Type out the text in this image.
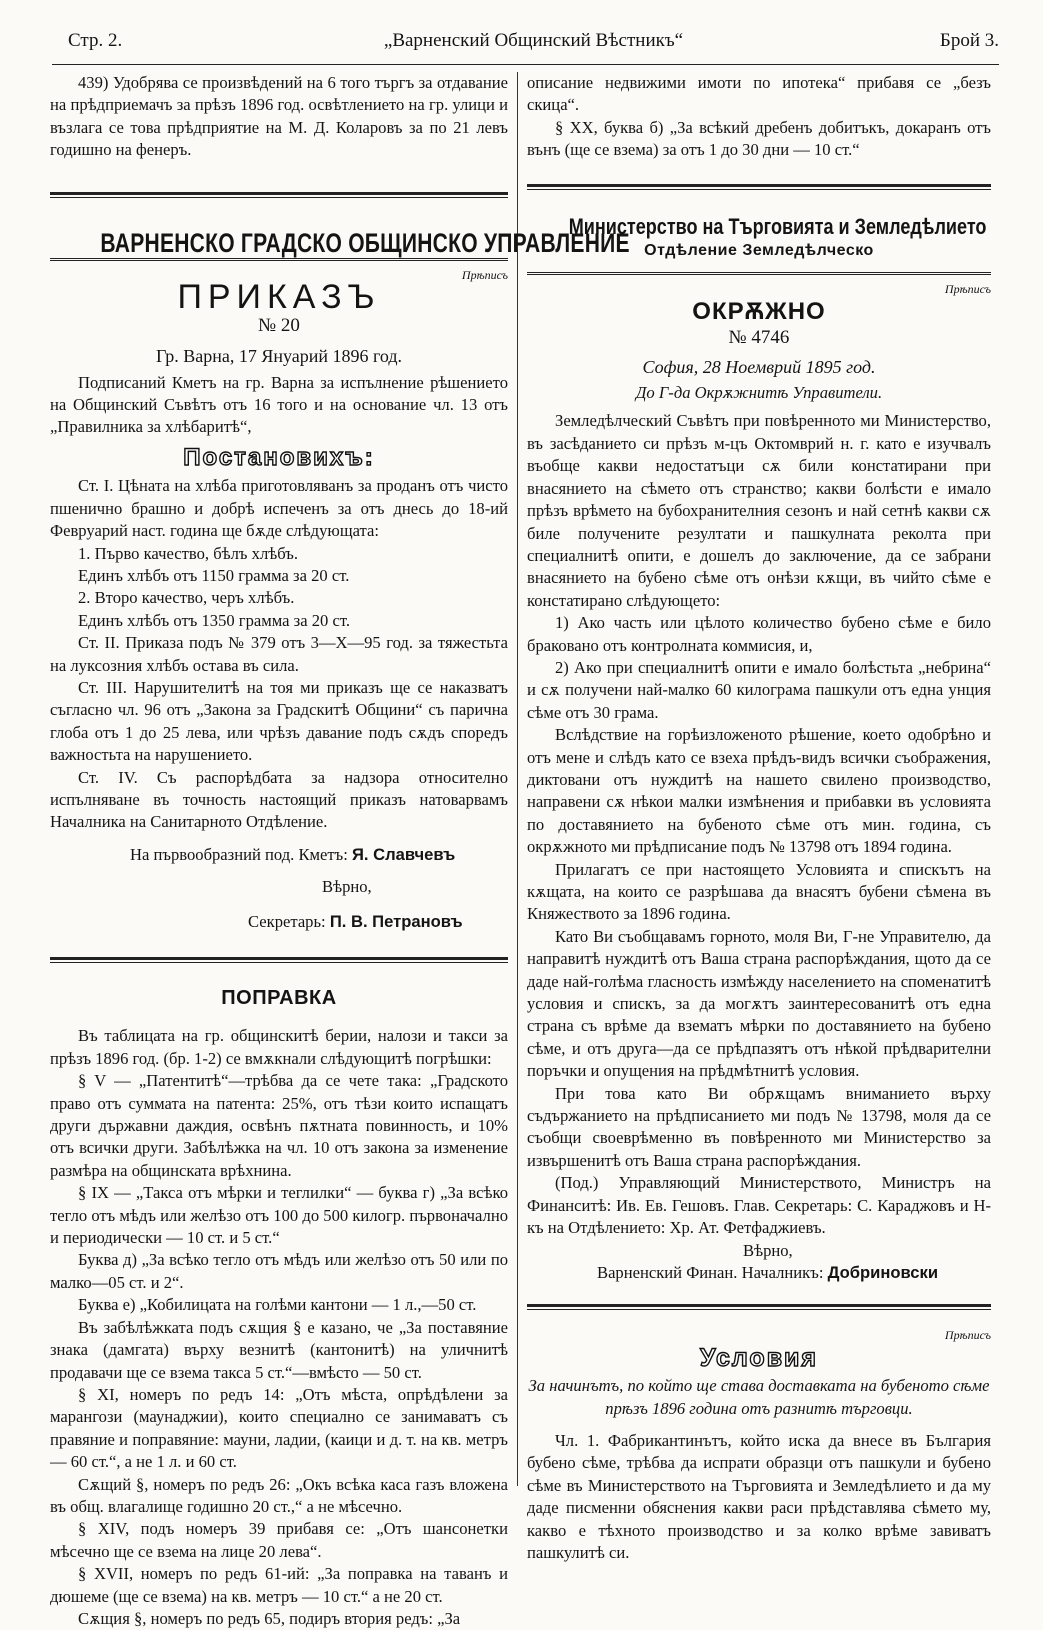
Стр. 2.	„Варненский Общинский Вѣстникъ“	Брой 3.

439) Удобрява се произвѣдений на 6 того търгъ за отдавание на прѣдприемачъ за прѣзъ 1896 год. освѣтлението на гр. улици и възлага се това прѣдприятие на М. Д. Коларовъ за по 21 левъ годишно на фенеръ.

ВАРНЕНСКО ГРАДСКО ОБЩИНСКО УПРАВЛЕНИЕ
Прѣписъ
ПРИКАЗЪ
№ 20

Гр. Варна, 17 Януарий 1896 год.

Подписаний Кметъ на гр. Варна за испълнение рѣшението на Общинский Съвѣтъ отъ 16 того и на основание чл. 13 отъ „Правилника за хлѣбаритѣ“,

Постановихъ:

Ст. I. Цѣната на хлѣба приготовляванъ за проданъ отъ чисто пшенично брашно и добрѣ испеченъ за отъ днесь до 18-ий Февруарий наст. година ще бѫде слѣдующата:

1. Първо качество, бѣлъ хлѣбъ.

Единъ хлѣбъ отъ 1150 грамма за 20 ст.

2. Второ качество, черъ хлѣбъ.

Единъ хлѣбъ отъ 1350 грамма за 20 ст.

Ст. II. Приказа подъ № 379 отъ 3—X—95 год. за тяжестьта на луксозния хлѣбъ остава въ сила.

Ст. III. Нарушителитѣ на тоя ми приказъ ще се наказватъ съгласно чл. 96 отъ „Закона за Градскитѣ Общини“ съ парична глоба отъ 1 до 25 лева, или чрѣзъ давание подъ сѫдъ споредъ важностьта на нарушението.

Ст. IV. Съ распорѣдбата за надзора относително испълняванe въ точность настоящий приказъ натоварвамъ Началника на Санитарното Отдѣление.

На първообразний под. Кметъ: Я. Славчевъ

Вѣрно,

Секретарь: П. В. Петрановъ

ПОПРАВКА

Въ таблицата на гр. общинскитѣ берии, налози и такси за прѣзъ 1896 год. (бр. 1-2) се вмѫкнали слѣдующитѣ погрѣшки:

§ V — „Патентитѣ“—трѣбва да се чете така: „Градското право отъ суммата на патента: 25%, отъ тѣзи които испащатъ други държавни даждия, освѣнъ пѫтната повинность, и 10% отъ всички други. Забѣлѣжка на чл. 10 отъ закона за изменение размѣра на общинската врѣхнина.

§ IX — „Такса отъ мѣрки и теглилки“ — буква г) „За всѣко тегло отъ мѣдъ или желѣзо отъ 100 до 500 килогр. първоначално и периодически — 10 ст. и 5 ст.“

Буква д) „За всѣко тегло отъ мѣдъ или желѣзо отъ 50 или по малко—05 ст. и 2“.

Буква е) „Кобилицата на голѣми кантони — 1 л.,—50 ст.

Въ забѣлѣжката подъ сѫщия § е казано, че „За поставяние знака (дамгата) върху везнитѣ (кантонитѣ) на уличнитѣ продавачи ще се взема такса 5 ст.“—вмѣсто — 50 ст.

§ XI, номеръ по редъ 14: „Отъ мѣста, опрѣдѣлени за марангози (маунаджии), които специално се занимаватъ съ правяние и поправяние: мауни, ладии, (каици и д. т. на кв. метръ — 60 ст.“, а не 1 л. и 60 ст.

Сѫщий §, номеръ по редъ 26: „Окъ всѣка каса газъ вложена въ общ. влагалище годишно 20 ст.,“ а не мѣсечно.

§ XIV, подъ номеръ 39 прибавя се: „Отъ шансонетки мѣсечно ще се взема на лице 20 лева“.

§ XVII, номеръ по редъ 61-ий: „За поправка на таванъ и дюшеме (ще се взема) на кв. метръ — 10 ст.“ а не 20 ст.

Сѫщия §, номеръ по редъ 65, подиръ втория редъ: „За

описание недвижими имоти по ипотека“ прибавя се „безъ скица“.

§ XX, буква б) „За всѣкий дребенъ добитъкъ, докаранъ отъ вънъ (ще се взема) за отъ 1 до 30 дни — 10 ст.“

Министерство на Търговията и Земледѣлието
Отдѣление Земледѣлческо
Прѣписъ
ОКРѪЖНО
№ 4746

София, 28 Ноемврий 1895 год.

До Г-да Окрѫжнитѣ Управители.

Земледѣлческий Съвѣтъ при повѣренното ми Министерство, въ засѣданието си прѣзъ м-цъ Октомврий н. г. като е изучвалъ въобще какви недостатъци сѫ били констатирани при внасянието на сѣмето отъ странство; какви болѣсти е имало прѣзъ врѣмето на бубохранителния сезонъ и най сетнѣ какви сѫ биле получените резултати и пашкулната реколта при специалнитѣ опити, е дошелъ до заключение, да се забрани внасянието на бубено сѣме отъ онѣзи кѫщи, въ чийто сѣме е констатирано слѣдующето:

1) Ако часть или цѣлото количество бубено сѣме е било браковано отъ контролната коммисия, и,

2) Ако при специалнитѣ опити е имало болѣстьта „небрина“ и сѫ получени най-малко 60 килограма пашкули отъ една унция сѣме отъ 30 грама.

Вслѣдствие на горѣизложеното рѣшение, което одобрѣно и отъ мене и слѣдъ като се взеха прѣдъ-видъ всички съображения, диктовани отъ нуждитѣ на нашето свилено производство, направени сѫ нѣкои малки измѣнения и прибавки въ условията по доставянието на бубеното сѣме отъ мин. година, съ окрѫжното ми прѣдписание подъ № 13798 отъ 1894 година.

Прилагатъ се при настоящето Условията и спискътъ на кѫщата, на които се разрѣшава да внасятъ бубени сѣмена въ Княжеството за 1896 година.

Като Ви съобщавамъ горното, моля Ви, Г-не Управителю, да направитѣ нуждитѣ отъ Ваша страна распорѣждания, щото да се даде най-голѣма гласность измѣжду населението на споменатитѣ условия и спискъ, за да могѫтъ заинтересованитѣ отъ една страна съ врѣме да взематъ мѣрки по доставянието на бубено сѣме, и отъ друга—да се прѣдпазятъ отъ нѣкой прѣдварителни поръчки и опущения на прѣдмѣтнитѣ условия.

При това като Ви обрѫщамъ вниманието върху съдържанието на прѣдписанието ми подъ № 13798, моля да се съобщи своеврѣменно въ повѣренното ми Министерство за извършенитѣ отъ Ваша страна распорѣждания.

(Под.) Управляющий Министерството, Министръ на Финанситѣ: Ив. Ев. Гешовъ. Глав. Секретарь: С. Караджовъ и Н-къ на Отдѣлението: Хр. Ат. Фетфаджиевъ.

Вѣрно,

Варненский Финан. Началникъ: Добриновски

Прѣписъ
Условия

За начинътъ, по който ще става доставката на бубеното сѣме прѣзъ 1896 година отъ разнитѣ търговци.

Чл. 1. Фабрикантинътъ, който иска да внесе въ България бубено сѣме, трѣбва да испрати образци отъ пашкули и бубено сѣме въ Министерството на Търговията и Земледѣлието и да му даде писменни обяснения какви раси прѣдставлява сѣмето му, какво е тѣхното производство и за колко врѣме завиватъ пашкулитѣ си.
